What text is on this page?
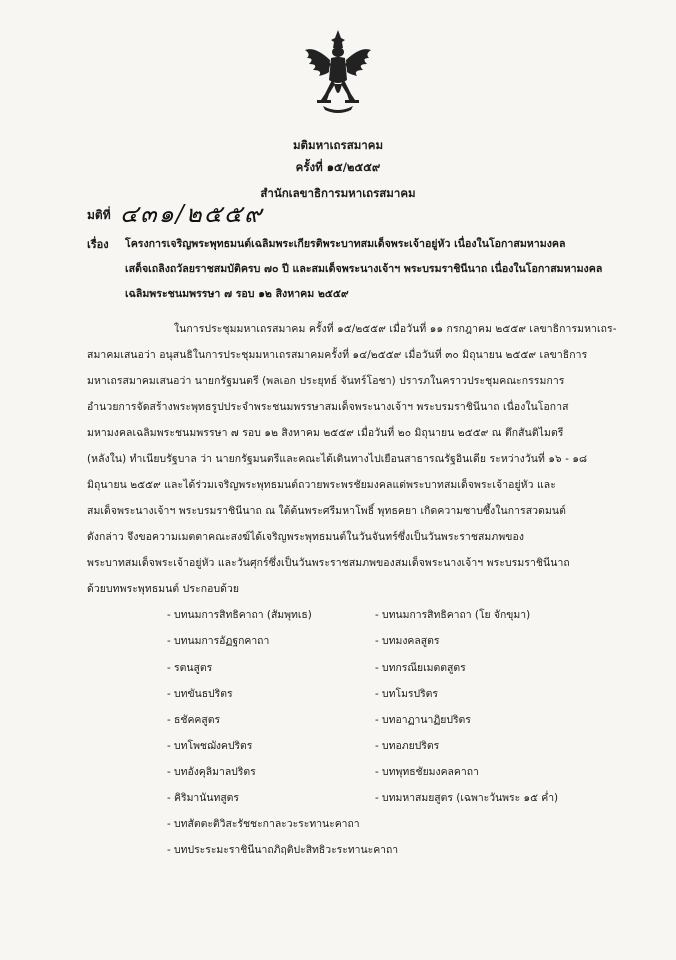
มติมหาเถรสมาคม
ครั้งที่ ๑๕/๒๕๕๙
สำนักเลขาธิการมหาเถรสมาคม
มติที่ ๔๓๑/๒๕๕๙
เรื่อง โครงการเจริญพระพุทธมนต์เฉลิมพระเกียรติพระบาทสมเด็จพระเจ้าอยู่หัว เนื่องในโอกาสมหามงคล
เสด็จเถลิงถวัลยราชสมบัติครบ ๗๐ ปี และสมเด็จพระนางเจ้าฯ พระบรมราชินีนาถ เนื่องในโอกาสมหามงคล
เฉลิมพระชนมพรรษา ๗ รอบ ๑๒ สิงหาคม ๒๕๕๙
ในการประชุมมหาเถรสมาคม ครั้งที่ ๑๕/๒๕๕๙ เมื่อวันที่ ๑๑ กรกฎาคม ๒๕๕๙ เลขาธิการมหาเถร-
สมาคมเสนอว่า อนุสนธิในการประชุมมหาเถรสมาคมครั้งที่ ๑๔/๒๕๕๙ เมื่อวันที่ ๓๐ มิถุนายน ๒๕๕๙ เลขาธิการ
มหาเถรสมาคมเสนอว่า นายกรัฐมนตรี (พลเอก ประยุทธ์ จันทร์โอชา) ปรารภในคราวประชุมคณะกรรมการ
อำนวยการจัดสร้างพระพุทธรูปประจำพระชนมพรรษาสมเด็จพระนางเจ้าฯ พระบรมราชินีนาถ เนื่องในโอกาส
มหามงคลเฉลิมพระชนมพรรษา ๗ รอบ ๑๒ สิงหาคม ๒๕๕๙ เมื่อวันที่ ๒๐ มิถุนายน ๒๕๕๙ ณ ตึกสันติไมตรี
(หลังใน) ทำเนียบรัฐบาล ว่า นายกรัฐมนตรีและคณะได้เดินทางไปเยือนสาธารณรัฐอินเดีย ระหว่างวันที่ ๑๖ - ๑๘
มิถุนายน ๒๕๕๙ และได้ร่วมเจริญพระพุทธมนต์ถวายพระพรชัยมงคลแด่พระบาทสมเด็จพระเจ้าอยู่หัว และ
สมเด็จพระนางเจ้าฯ พระบรมราชินีนาถ ณ ใต้ต้นพระศรีมหาโพธิ์ พุทธคยา เกิดความซาบซึ้งในการสวดมนต์
ดังกล่าว จึงขอความเมตตาคณะสงฆ์ได้เจริญพระพุทธมนต์ในวันจันทร์ซึ่งเป็นวันพระราชสมภพของ
พระบาทสมเด็จพระเจ้าอยู่หัว และวันศุกร์ซึ่งเป็นวันพระราชสมภพของสมเด็จพระนางเจ้าฯ พระบรมราชินีนาถ
ด้วยบทพระพุทธมนต์ ประกอบด้วย
- บทนมการสิทธิคาถา (สัมพุทเธ)
- บทนมการอัฏฐกคาถา
- รตนสูตร
- บทขันธปริตร
- ธชัคคสูตร
- บทโพชฌังคปริตร
- บทอังคุลิมาลปริตร
- คิริมานันทสูตร
- บทสัตตะติวิสะรัชชะกาละวะระทานะคาถา
- บทประระมะราชินีนาถภิฤติปะสิทธิวะระทานะคาถา
- บทนมการสิทธิคาถา (โย จักขุมา)
- บทมงคลสูตร
- บทกรณียเมตตสูตร
- บทโมรปริตร
- บทอาฏานาฏิยปริตร
- บทอภยปริตร
- บทพุทธชัยมงคลคาถา
- บทมหาสมยสูตร (เฉพาะวันพระ ๑๕ ค่ำ)
